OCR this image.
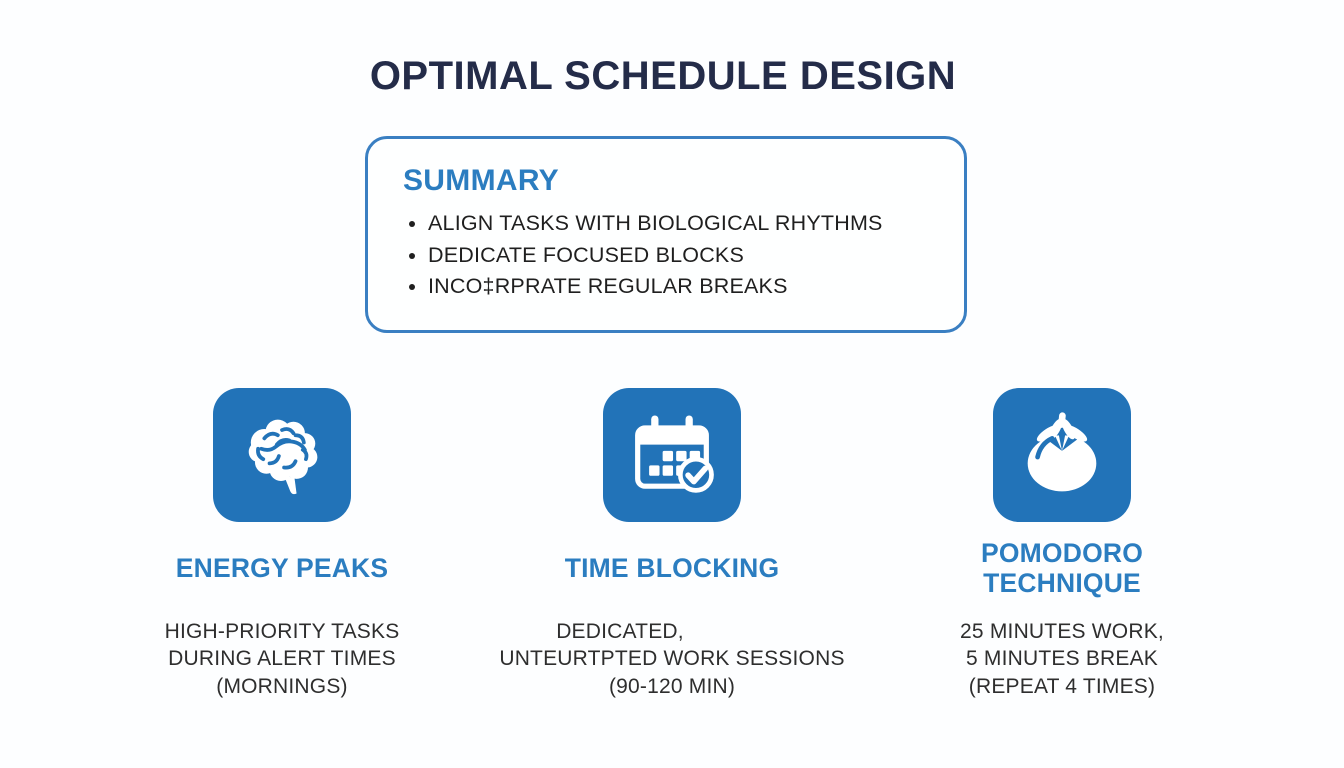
OPTIMAL SCHEDULE DESIGN
SUMMARY
• ALIGN TASKS WITH BIOLOGICAL RHYTHMS
• DEDICATE FOCUSED BLOCKS
• INCO‡RPRATE REGULAR BREAKS
ENERGY PEAKS

HIGH-PRIORITY TASKS

DURING ALERT TIMES

(MORNINGS)

TIME BLOCKING

DEDICATED,

UNTEURTPTED WORK SESSIONS

(90-120 MIN)

POMODORO TECHNIQUE

25 MINUTES WORK,

5 MINUTES BREAK

(REPEAT 4 TIMES)
